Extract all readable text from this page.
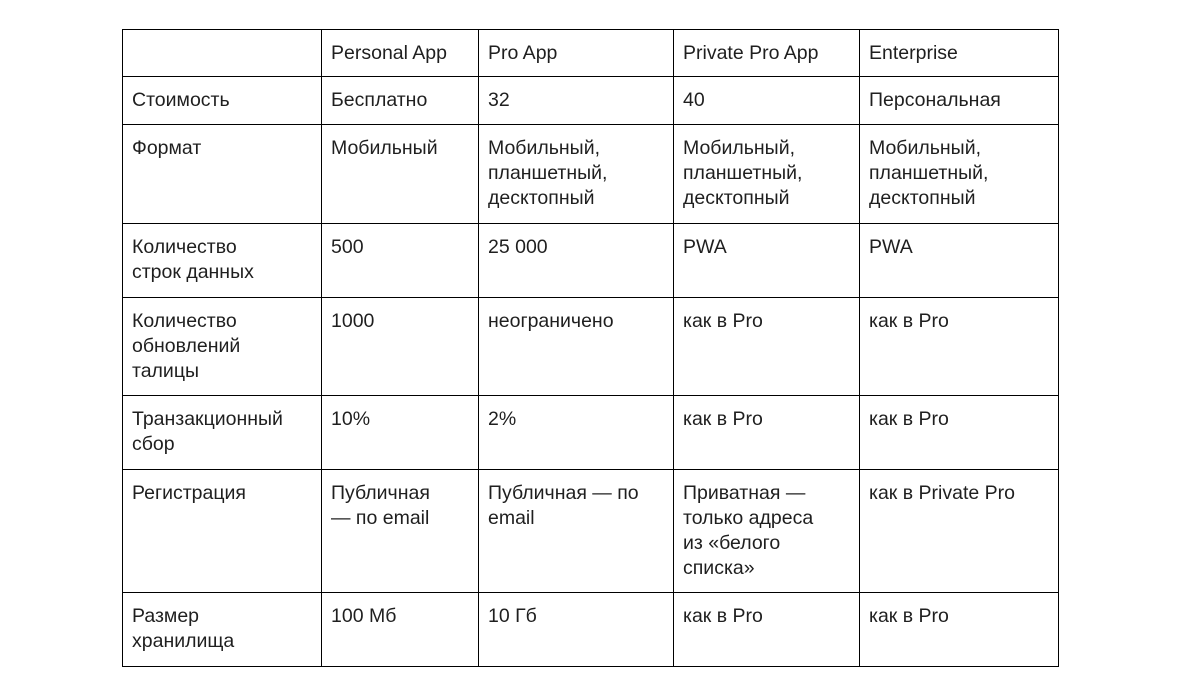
	Personal App	Pro App	Private Pro App	Enterprise
Стоимость	Бесплатно	32	40	Персональная
Формат	Мобильный	Мобильный,
планшетный,
десктопный	Мобильный,
планшетный,
десктопный	Мобильный,
планшетный,
десктопный
Количество
строк данных	500	25 000	PWA	PWA
Количество
обновлений
талицы	1000	неограничено	как в Pro	как в Pro
Транзакционный
сбор	10%	2%	как в Pro	как в Pro
Регистрация	Публичная
— по email	Публичная — по
email	Приватная —
только адреса
из «белого
списка»	как в Private Pro
Размер
хранилища	100 Мб	10 Гб	как в Pro	как в Pro
